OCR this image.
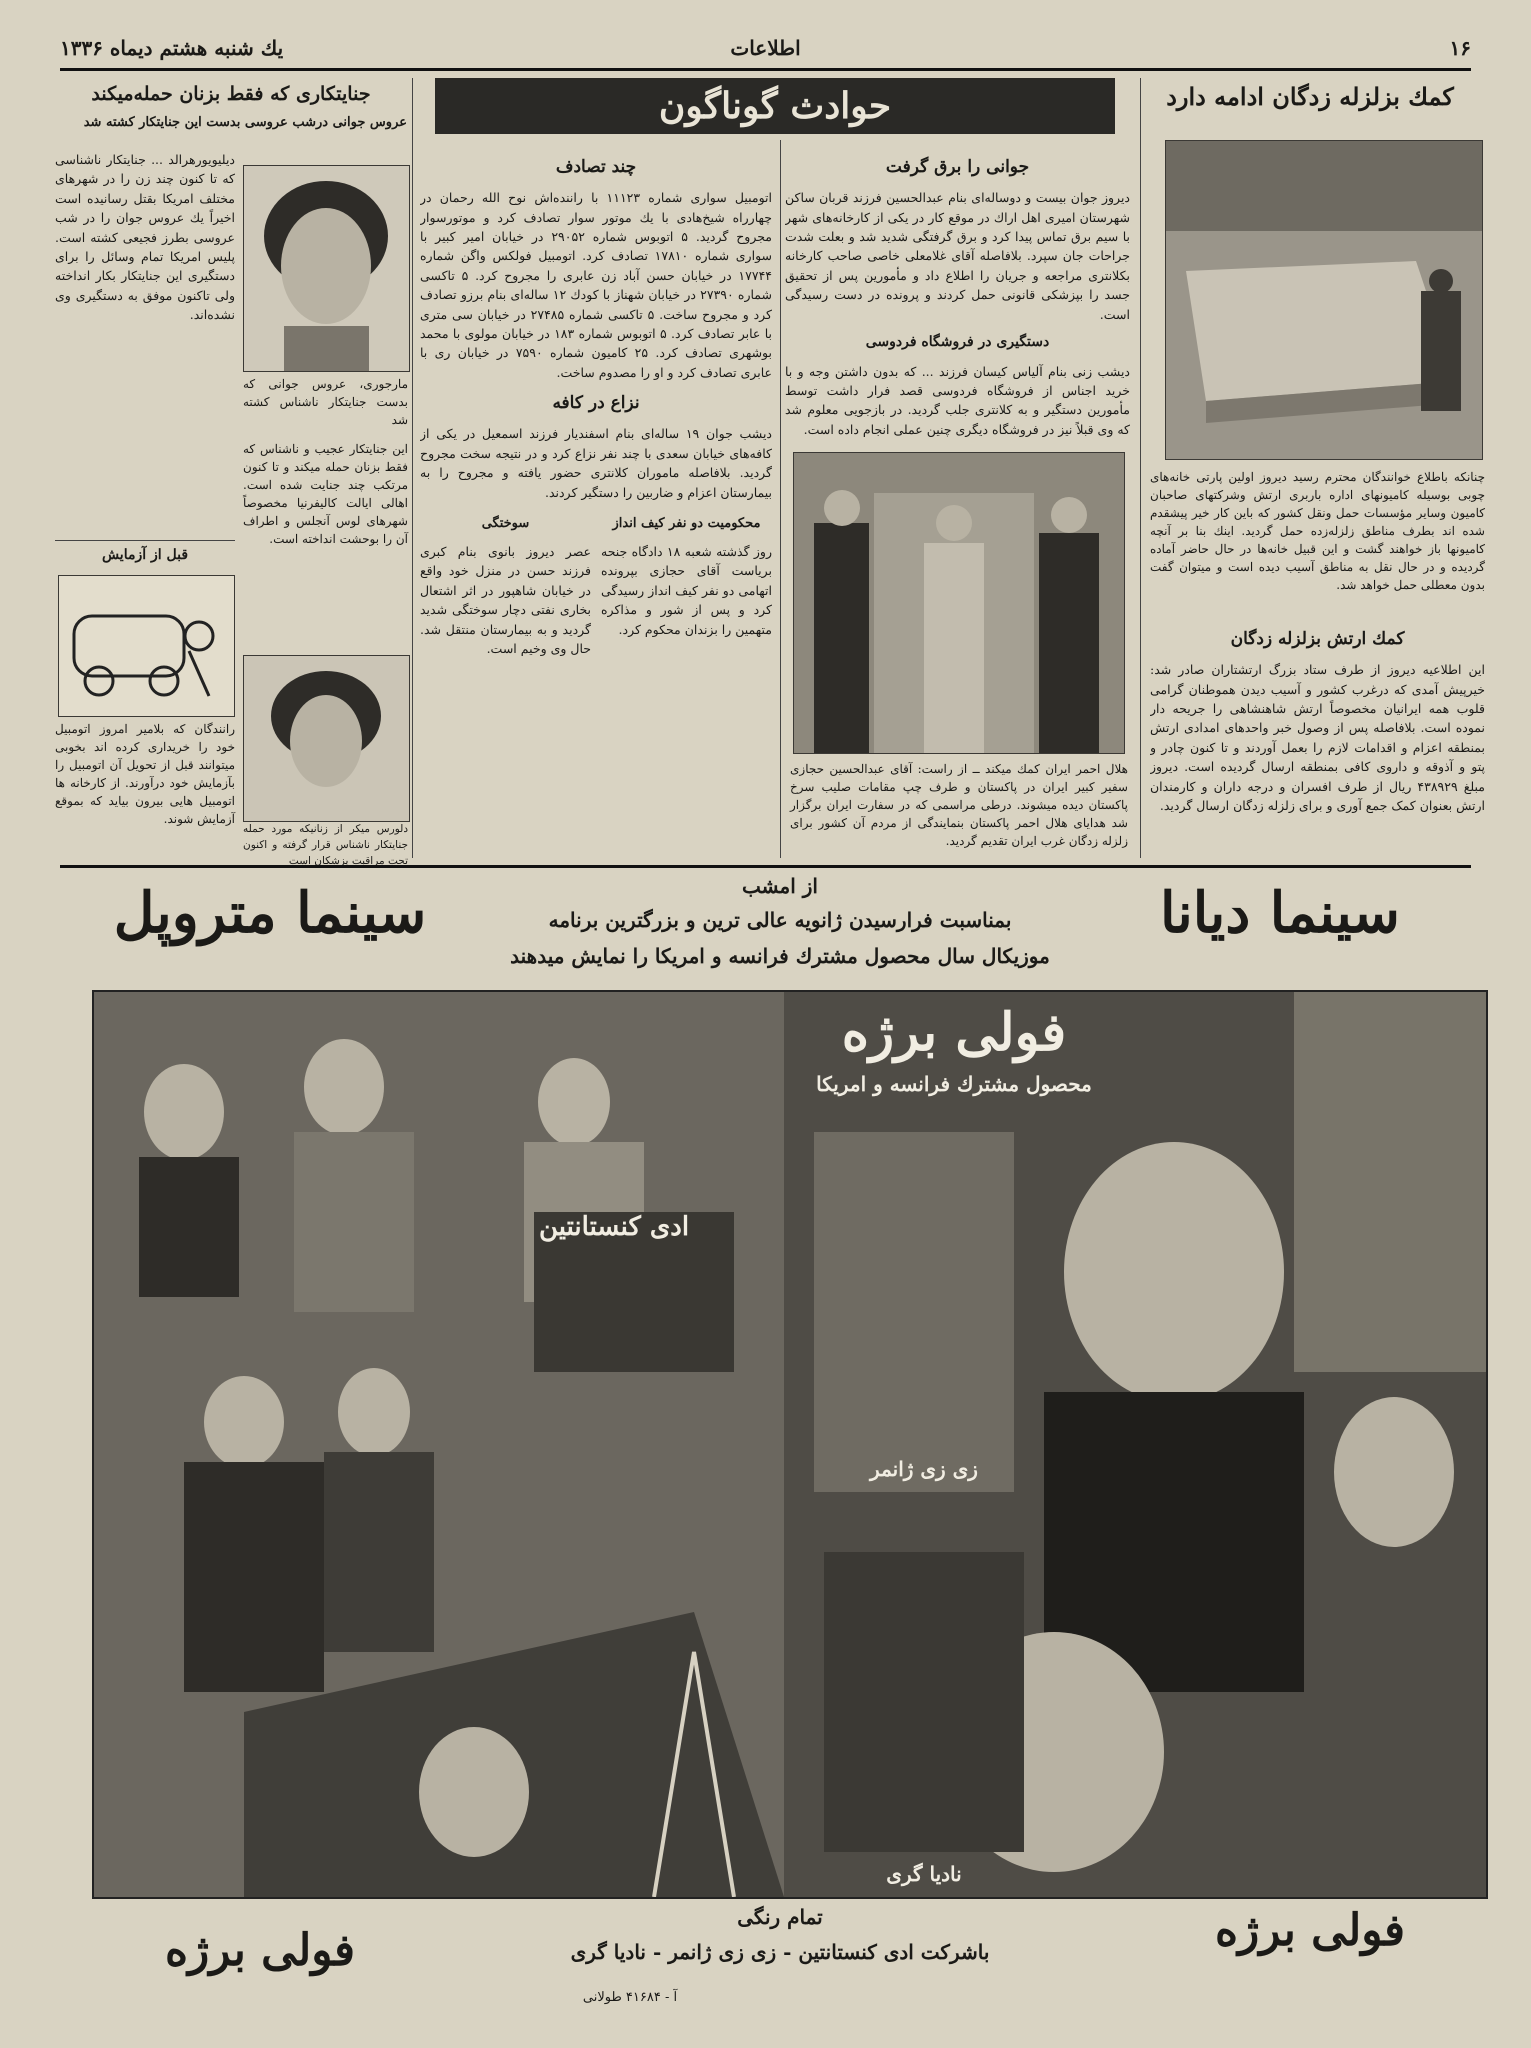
۱۶
اطلاعات
یك شنبه هشتم دیماه ۱۳۳۶
حوادث گوناگون	كمك بزلزله زدگان ادامه دارد
چنانکه باطلاع خوانندگان محترم رسید دیروز اولین پارتی خانه‌های چوبی بوسیله کامیونهای اداره باربری ارتش وشرکتهای صاحبان کامیون وسایر مؤسسات حمل ونقل کشور که باین کار خیر پیشقدم شده اند بطرف مناطق زلزله‌زده حمل گردید. اینك بنا بر آنچه کامیونها باز خواهند گشت و این قبیل خانه‌ها در حال حاضر آماده گردیده و در حال نقل به مناطق آسیب دیده است و میتوان گفت بدون معطلی حمل خواهد شد.
كمك ارتش بزلزله زدگان

این اطلاعیه دیروز از طرف ستاد بزرگ ارتشتاران صادر شد: خیرپیش آمدی که درغرب کشور و آسیب دیدن هموطنان گرامی قلوب همه ایرانیان مخصوصاً ارتش شاهنشاهی را جریحه دار نموده است. بلافاصله پس از وصول خبر واحدهای امدادی ارتش بمنطقه اعزام و اقدامات لازم را بعمل آوردند و تا کنون چادر و پتو و آذوقه و داروی کافی بمنطقه ارسال گردیده است. دیروز مبلغ ۴۳۸۹۲۹ ریال از طرف افسران و درجه داران و کارمندان ارتش بعنوان کمک جمع آوری و برای زلزله زدگان ارسال گردید.

جوانی را برق گرفت

دیروز جوان بیست و دوساله‌ای بنام عبدالحسین فرزند قربان ساکن شهرستان امیری اهل اراك در موقع کار در یکی از کارخانه‌های شهر با سیم برق تماس پیدا کرد و برق گرفتگی شدید شد و بعلت شدت جراحات جان سپرد. بلافاصله آقای غلامعلی خاصی صاحب کارخانه بکلانتری مراجعه و جریان را اطلاع داد و مأمورین پس از تحقیق جسد را بپزشکی قانونی حمل کردند و پرونده در دست رسیدگی است.

دستگیری در فروشگاه فردوسی

دیشب زنی بنام آلیاس کیسان فرزند ... که بدون داشتن وجه و با خرید اجناس از فروشگاه فردوسی قصد فرار داشت توسط مأمورین دستگیر و به کلانتری جلب گردید. در بازجویی معلوم شد که وی قبلاً نیز در فروشگاه دیگری چنین عملی انجام داده است.

هلال احمر ایران کمك میکند ــ از راست: آقای عبدالحسین حجازی سفیر کبیر ایران در پاکستان و طرف چپ مقامات صلیب سرخ پاکستان دیده میشوند. درطی مراسمی که در سفارت ایران برگزار شد هدایای هلال احمر پاکستان بنمایندگی از مردم آن کشور برای زلزله زدگان غرب ایران تقدیم گردید.
چند تصادف

اتومبیل سواری شماره ۱۱۱۲۳ با راننده‌اش نوح الله رحمان در چهارراه شیخ‌هادی با یك موتور سوار تصادف کرد و موتورسوار مجروح گردید. ۵ اتوبوس شماره ۲۹۰۵۲ در خیابان امیر کبیر با سواری شماره ۱۷۸۱۰ تصادف کرد. اتومبیل فولکس واگن شماره ۱۷۷۴۴ در خیابان حسن آباد زن عابری را مجروح کرد. ۵ تاکسی شماره ۲۷۳۹۰ در خیابان شهناز با کودك ۱۲ ساله‌ای بنام برزو تصادف کرد و مجروح ساخت. ۵ تاکسی شماره ۲۷۴۸۵ در خیابان سی متری با عابر تصادف کرد. ۵ اتوبوس شماره ۱۸۳ در خیابان مولوی با محمد بوشهری تصادف کرد. ۲۵ کامیون شماره ۷۵۹۰ در خیابان ری با عابری تصادف کرد و او را مصدوم ساخت.

نزاع در کافه

دیشب جوان ۱۹ ساله‌ای بنام اسفندیار فرزند اسمعیل در یکی از کافه‌های خیابان سعدی با چند نفر نزاع کرد و در نتیجه سخت مجروح گردید. بلافاصله ماموران کلانتری حضور یافته و مجروح را به بیمارستان اعزام و ضاربین را دستگیر کردند.

محکومیت دو نفر کیف انداز

روز گذشته شعبه ۱۸ دادگاه جنحه برياست آقای حجازی بپرونده اتهامی دو نفر کیف انداز رسیدگی کرد و پس از شور و مذاکره متهمین را بزندان محکوم کرد.

سوختگی

عصر دیروز بانوی بنام کبری فرزند حسن در منزل خود واقع در خیابان شاهپور در اثر اشتعال بخاری نفتی دچار سوختگی شدید گردید و به بیمارستان منتقل شد. حال وی وخیم است.

جنایتکاری که فقط بزنان حمله‌میکند
عروس جوانی درشب عروسی بدست این جنایتکار کشته شد

دیلیویورهرالد ... جنایتکار ناشناسی که تا کنون چند زن را در شهرهای مختلف امریکا بقتل رسانیده است اخیراً یك عروس جوان را در شب عروسی بطرز فجیعی کشته است. پلیس امریکا تمام وسائل را برای دستگیری این جنایتکار بکار انداخته ولی تاکنون موفق به دستگیری وی نشده‌اند.

مارجوری، عروس جوانی که بدست جنایتکار ناشناس کشته شد
این جنایتکار عجیب و ناشناس که فقط بزنان حمله میکند و تا کنون مرتکب چند جنایت شده است. اهالی ایالت کالیفرنیا مخصوصاً شهرهای لوس آنجلس و اطراف آن را بوحشت انداخته است.
دلورس میکر از زنانیکه مورد حمله جنایتکار ناشناس قرار گرفته و اکنون تحت مراقبت پزشکان است
قبل از آزمایش
رانندگان که بلامیر امروز اتومبیل خود را خریداری کرده اند بخوبی میتوانند قبل از تحویل آن اتومبیل را بآزمایش خود درآورند. از کارخانه ها اتومبیل هایی بیرون بیاید که بموقع آزمایش شوند.
سینما دیانا
سینما متروپل	از امشب
بمناسبت فرارسیدن ژانویه عالی ترین و بزرگترین برنامه
موزیکال سال محصول مشترك فرانسه و امریکا را نمایش میدهند
فولی برژه
محصول مشترك فرانسه و امریکا
ادی کنستانتین
زی زی ژانمر
نادیا گری
فولی برژه
فولی برژه
تمام رنگی
باشرکت ادی کنستانتین - زی زی ژانمر - نادیا گری
آ - ۴۱۶۸۴ طولانی
